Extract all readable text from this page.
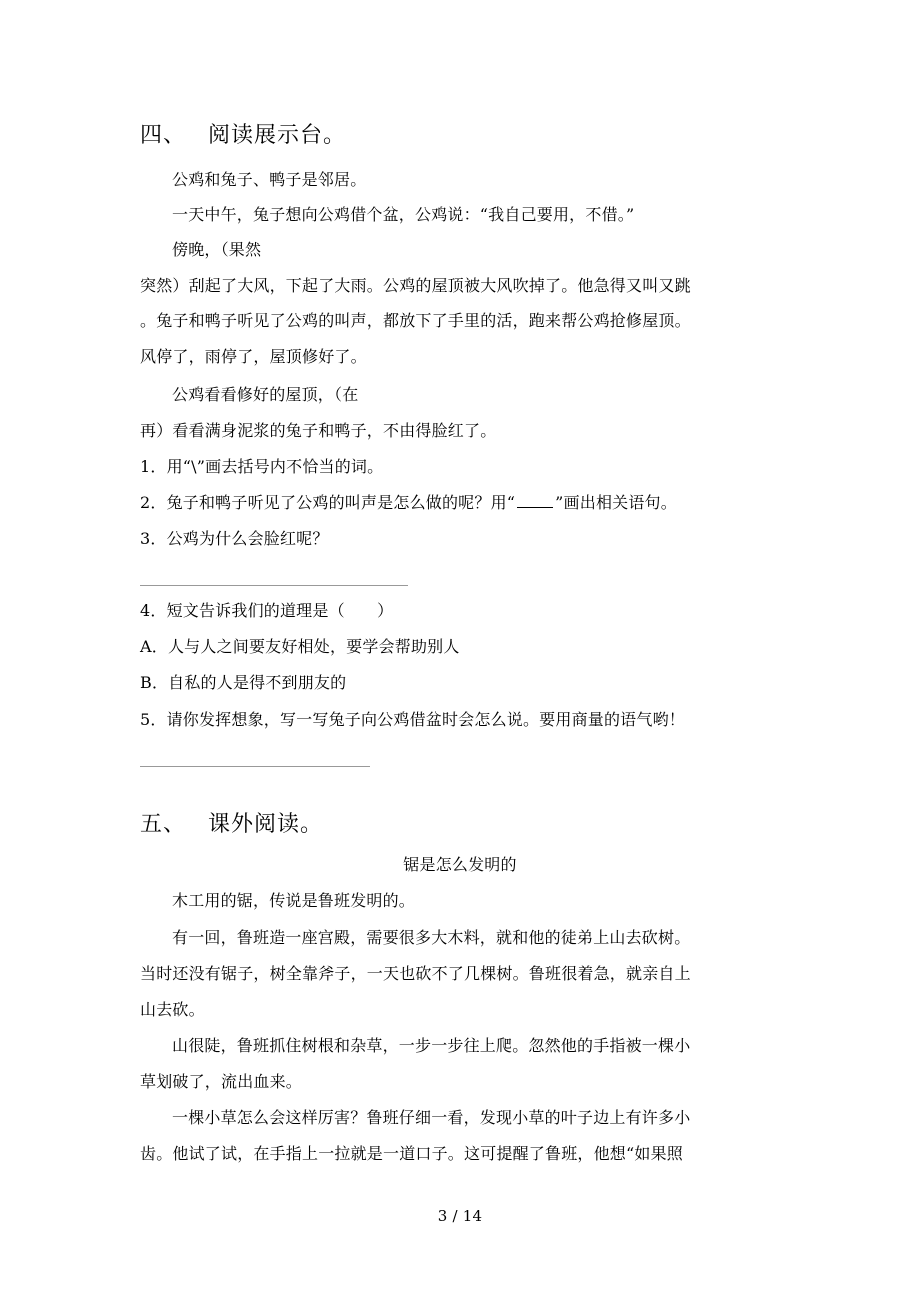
四、 阅读展示台。
公鸡和兔子、鸭子是邻居。
一天中午，兔子想向公鸡借个盆，公鸡说：“我自己要用，不借。”
傍晚，（果然
突然）刮起了大风，下起了大雨。公鸡的屋顶被大风吹掉了。他急得又叫又跳
。兔子和鸭子听见了公鸡的叫声，都放下了手里的活，跑来帮公鸡抢修屋顶。
风停了，雨停了，屋顶修好了。
公鸡看看修好的屋顶，（在
再）看看满身泥浆的兔子和鸭子，不由得脸红了。
1．用“\”画去括号内不恰当的词。
2．兔子和鸭子听见了公鸡的叫声是怎么做的呢？用“	”画出相关语句。
3．公鸡为什么会脸红呢？
4．短文告诉我们的道理是（　　）
A．人与人之间要友好相处，要学会帮助别人
B．自私的人是得不到朋友的
5．请你发挥想象，写一写兔子向公鸡借盆时会怎么说。要用商量的语气哟！
五、 课外阅读。
锯是怎么发明的
木工用的锯，传说是鲁班发明的。
有一回，鲁班造一座宫殿，需要很多大木料，就和他的徒弟上山去砍树。
当时还没有锯子，树全靠斧子，一天也砍不了几棵树。鲁班很着急，就亲自上
山去砍。
山很陡，鲁班抓住树根和杂草，一步一步往上爬。忽然他的手指被一棵小
草划破了，流出血来。
一棵小草怎么会这样厉害？鲁班仔细一看，发现小草的叶子边上有许多小
齿。他试了试，在手指上一拉就是一道口子。这可提醒了鲁班，他想“如果照
3 / 14
